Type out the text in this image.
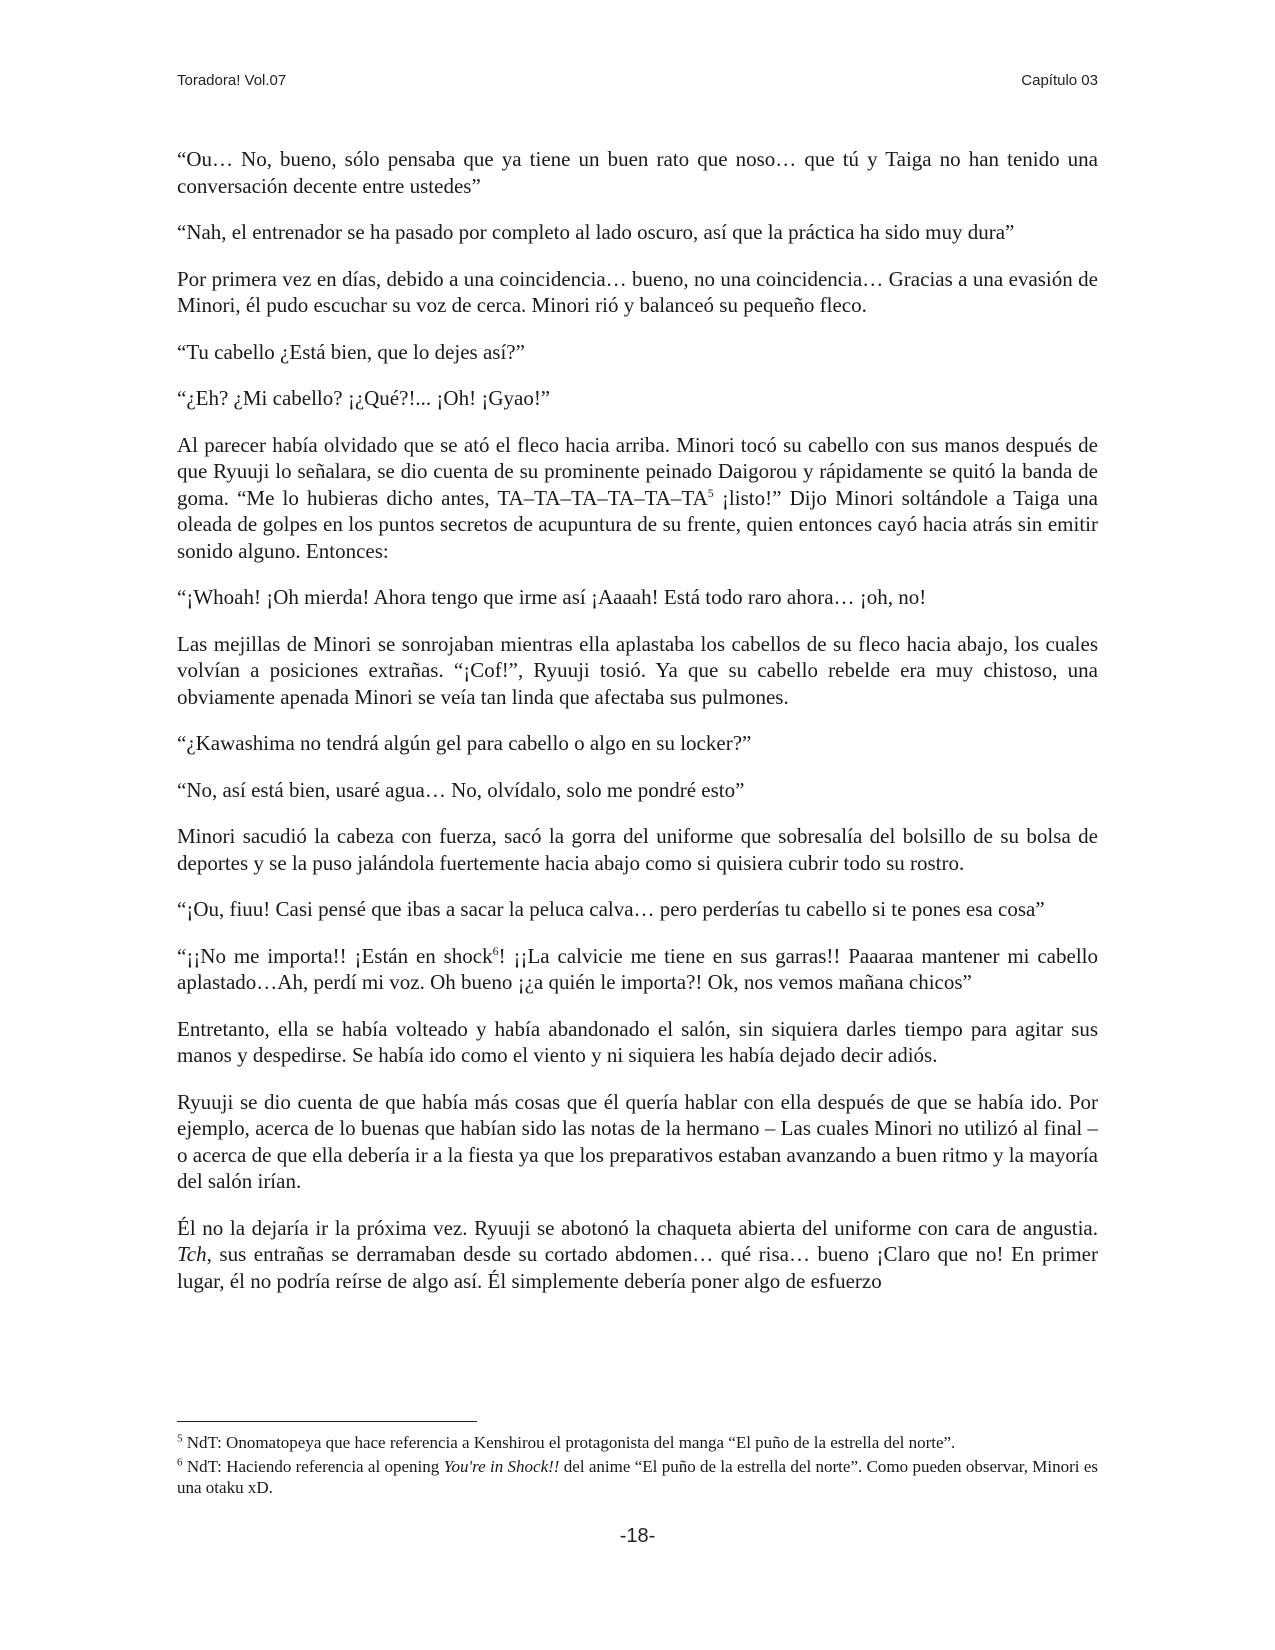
Toradora! Vol.07	Capítulo 03

“Ou… No, bueno, sólo pensaba que ya tiene un buen rato que noso… que tú y Taiga no han tenido una conversación decente entre ustedes”

“Nah, el entrenador se ha pasado por completo al lado oscuro, así que la práctica ha sido muy dura”

Por primera vez en días, debido a una coincidencia… bueno, no una coincidencia… Gracias a una evasión de Minori, él pudo escuchar su voz de cerca. Minori rió y balanceó su pequeño fleco.

“Tu cabello ¿Está bien, que lo dejes así?”

“¿Eh? ¿Mi cabello? ¡¿Qué?!... ¡Oh! ¡Gyao!”

Al parecer había olvidado que se ató el fleco hacia arriba. Minori tocó su cabello con sus manos después de que Ryuuji lo señalara, se dio cuenta de su prominente peinado Daigorou y rápidamente se quitó la banda de goma. “Me lo hubieras dicho antes, $TA-TA-TA-TA-TA-TA^5$ ¡listo!” Dijo Minori soltándole a Taiga una oleada de golpes en los puntos secretos de acupuntura de su frente, quien entonces cayó hacia atrás sin emitir sonido alguno. Entonces:

“¡Whoah! ¡Oh mierda! Ahora tengo que irme así ¡Aaaah! Está todo raro ahora… ¡oh, no!

Las mejillas de Minori se sonrojaban mientras ella aplastaba los cabellos de su fleco hacia abajo, los cuales volvían a posiciones extrañas. “¡Cof!”, Ryuuji tosió. Ya que su cabello rebelde era muy chistoso, una obviamente apenada Minori se veía tan linda que afectaba sus pulmones.

“¿Kawashima no tendrá algún gel para cabello o algo en su locker?”

“No, así está bien, usaré agua… No, olvídalo, solo me pondré esto”

Minori sacudió la cabeza con fuerza, sacó la gorra del uniforme que sobresalía del bolsillo de su bolsa de deportes y se la puso jalándola fuertemente hacia abajo como si quisiera cubrir todo su rostro.

“¡Ou, fiuu! Casi pensé que ibas a sacar la peluca calva… pero perderías tu cabello si te pones esa cosa”

“¡¡No me importa!! ¡Están en shock$^6$! ¡¡La calvicie me tiene en sus garras!! Paaaraa mantener mi cabello aplastado…Ah, perdí mi voz. Oh bueno ¡¿a quién le importa?! Ok, nos vemos mañana chicos”

Entretanto, ella se había volteado y había abandonado el salón, sin siquiera darles tiempo para agitar sus manos y despedirse. Se había ido como el viento y ni siquiera les había dejado decir adiós.

Ryuuji se dio cuenta de que había más cosas que él quería hablar con ella después de que se había ido. Por ejemplo, acerca de lo buenas que habían sido las notas de la hermano – Las cuales Minori no utilizó al final – o acerca de que ella debería ir a la fiesta ya que los preparativos estaban avanzando a buen ritmo y la mayoría del salón irían.

Él no la dejaría ir la próxima vez. Ryuuji se abotonó la chaqueta abierta del uniforme con cara de angustia. Tch, sus entrañas se derramaban desde su cortado abdomen… qué risa… bueno ¡Claro que no! En primer lugar, él no podría reírse de algo así. Él simplemente debería poner algo de esfuerzo

$^5$ NdT: Onomatopeya que hace referencia a Kenshirou el protagonista del manga “El puño de la estrella del norte”.

$^6$ NdT: Haciendo referencia al opening You're in Shock!! del anime “El puño de la estrella del norte”. Como pueden observar, Minori es una otaku xD.

-18-
